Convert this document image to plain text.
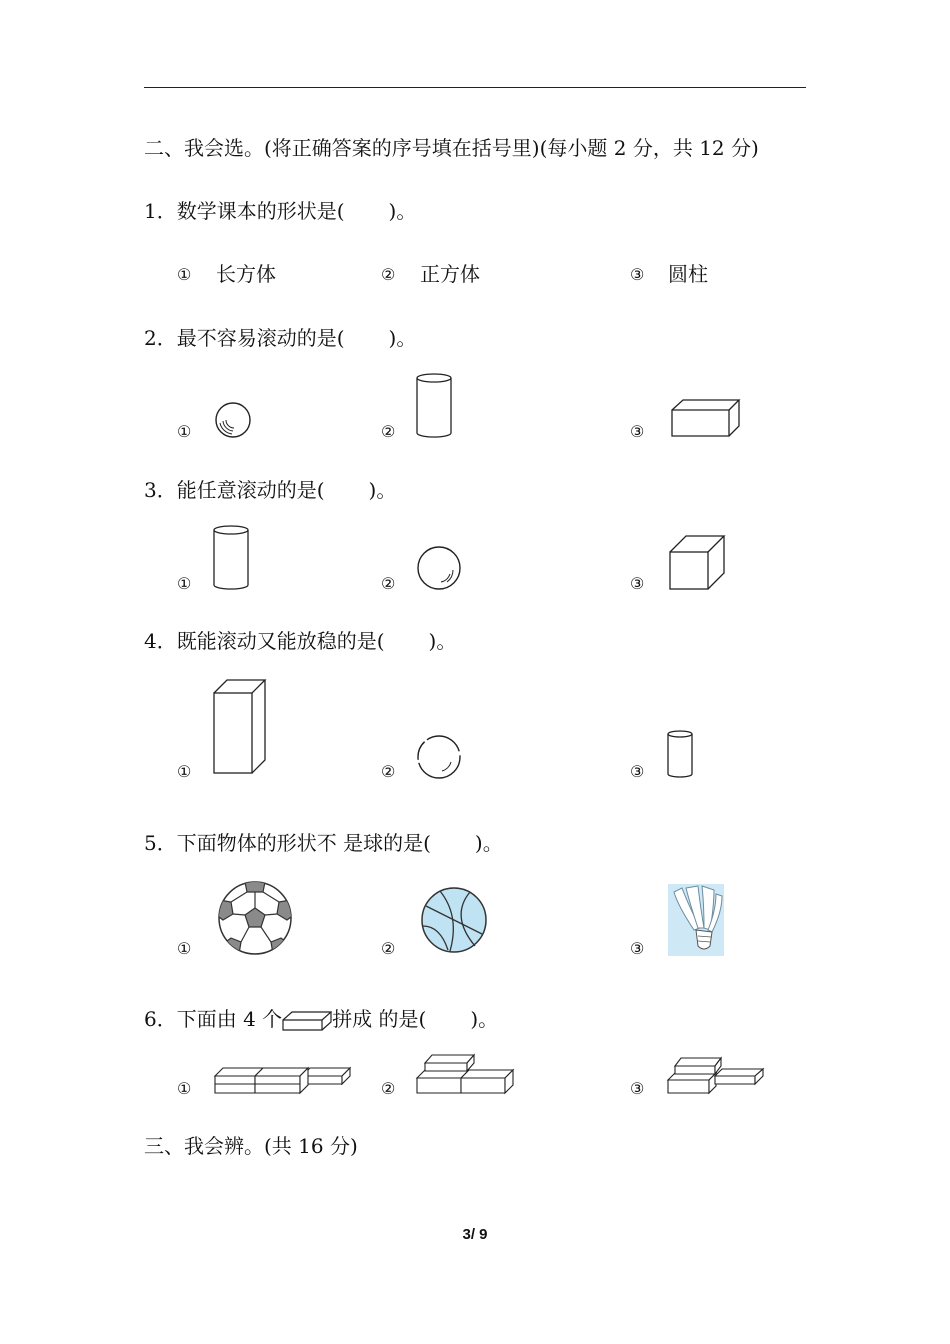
二、我会选。(将正确答案的序号填在括号里)(每小题 2 分，共 12 分)
1．数学课本的形状是( )。
① 长方体	② 正方体	③ 圆柱
2．最不容易滚动的是( )。
①	②	③
3．能任意滚动的是( )。
①	②	③
4．既能滚动又能放稳的是( )。
①	②	③
5．下面物体的形状不 是球的是( )。
①	②	③
6．下面由 4 个	拼成 的是( )。
①	②	③
三、我会辨。(共 16 分)
3/ 9
